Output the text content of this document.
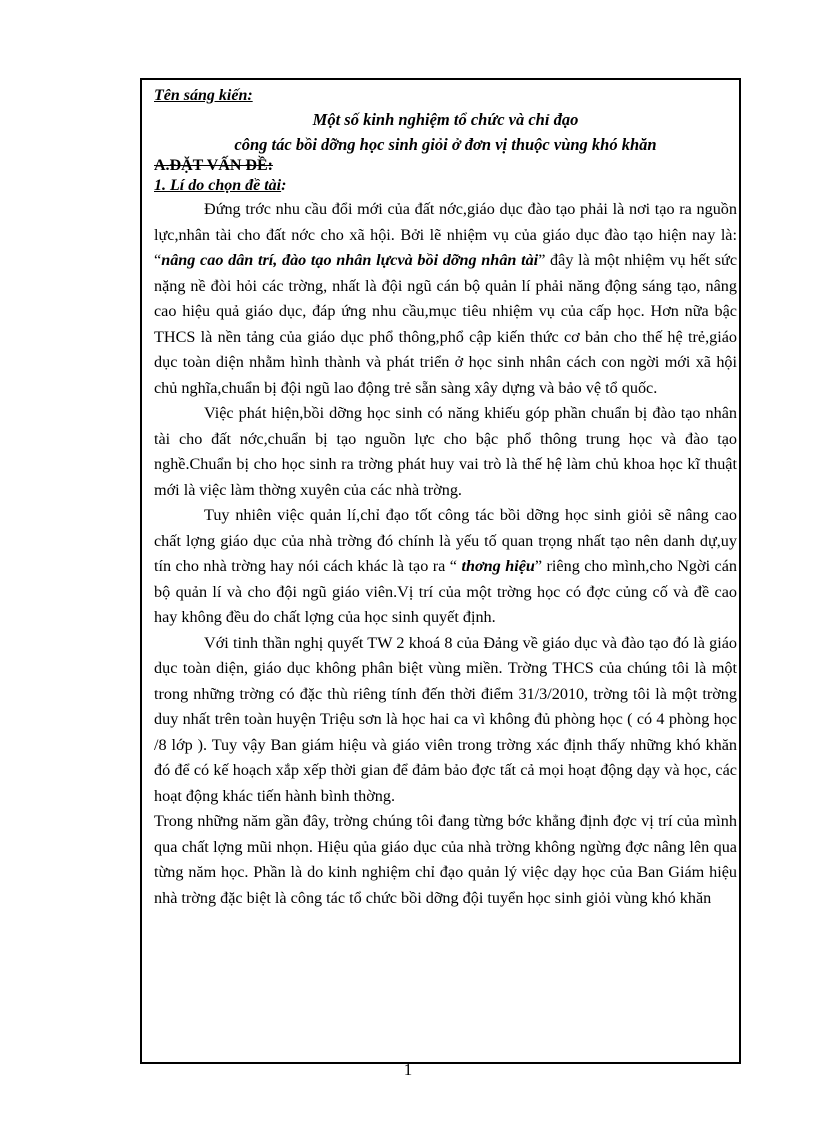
Tên sáng kiến:
Một số kinh nghiệm tổ chức và chỉ đạo
công tác bồi dỡng học sinh giỏi ở đơn vị thuộc vùng khó khăn
A.ĐẶT VẤN ĐỀ:
1. Lí do chọn đề tài:

Đứng trớc nhu cầu đổi mới của đất nớc,giáo dục đào tạo phải là nơi tạo ra nguồn lực,nhân tài cho đất nớc cho xã hội. Bởi lẽ nhiệm vụ của giáo dục đào tạo hiện nay là: “nâng cao dân trí, đào tạo nhân lựcvà bồi dỡng nhân tài” đây là một nhiệm vụ hết sức nặng nề đòi hỏi các trờng, nhất là đội ngũ cán bộ quản lí phải năng động sáng tạo, nâng cao hiệu quả giáo dục, đáp ứng nhu cầu,mục tiêu nhiệm vụ của cấp học. Hơn nữa bậc THCS là nền tảng của giáo dục phổ thông,phổ cập kiến thức cơ bản cho thế hệ trẻ,giáo dục toàn diện nhằm hình thành và phát triển ở học sinh nhân cách con ngời mới xã hội chủ nghĩa,chuẩn bị đội ngũ lao động trẻ sẵn sàng xây dựng và bảo vệ tổ quốc.

Việc phát hiện,bồi dỡng học sinh có năng khiếu góp phần chuẩn bị đào tạo nhân tài cho đất nớc,chuẩn bị tạo nguồn lực cho bậc phổ thông trung học và đào tạo nghề.Chuẩn bị cho học sinh ra trờng phát huy vai trò là thế hệ làm chủ khoa học kĩ thuật mới là việc làm thờng xuyên của các nhà trờng.

Tuy nhiên việc quản lí,chỉ đạo tốt công tác bồi dỡng học sinh giỏi sẽ nâng cao chất lợng giáo dục của nhà trờng đó chính là yếu tố quan trọng nhất tạo nên danh dự,uy tín cho nhà trờng hay nói cách khác là tạo ra “ thơng hiệu” riêng cho mình,cho Ngời cán bộ quản lí và cho đội ngũ giáo viên.Vị trí của một trờng học có đợc củng cố và đề cao hay không đều do chất lợng của học sinh quyết định.

Với tinh thần nghị quyết TW 2 khoá 8 của Đảng về giáo dục và đào tạo đó là giáo dục toàn diện, giáo dục không phân biệt vùng miền. Trờng THCS của chúng tôi là một trong những trờng có đặc thù riêng tính đến thời điểm 31/3/2010, trờng tôi là một trờng duy nhất trên toàn huyện Triệu sơn là học hai ca vì không đủ phòng học ( có 4 phòng học /8 lớp ). Tuy vậy Ban giám hiệu và giáo viên trong trờng xác định thấy những khó khăn đó để có kế hoạch xắp xếp thời gian để đảm bảo đợc tất cả mọi hoạt động dạy và học, các hoạt động khác tiến hành bình thờng.

Trong những năm gần đây, trờng chúng tôi đang từng bớc khẳng định đợc vị trí của mình qua chất lợng mũi nhọn. Hiệu qủa giáo dục của nhà trờng không ngừng đợc nâng lên qua từng năm học. Phần là do kinh nghiệm chỉ đạo quản lý việc dạy học của Ban Giám hiệu nhà trờng đặc biệt là công tác tổ chức bồi dỡng đội tuyển học sinh giỏi vùng khó khăn

1
